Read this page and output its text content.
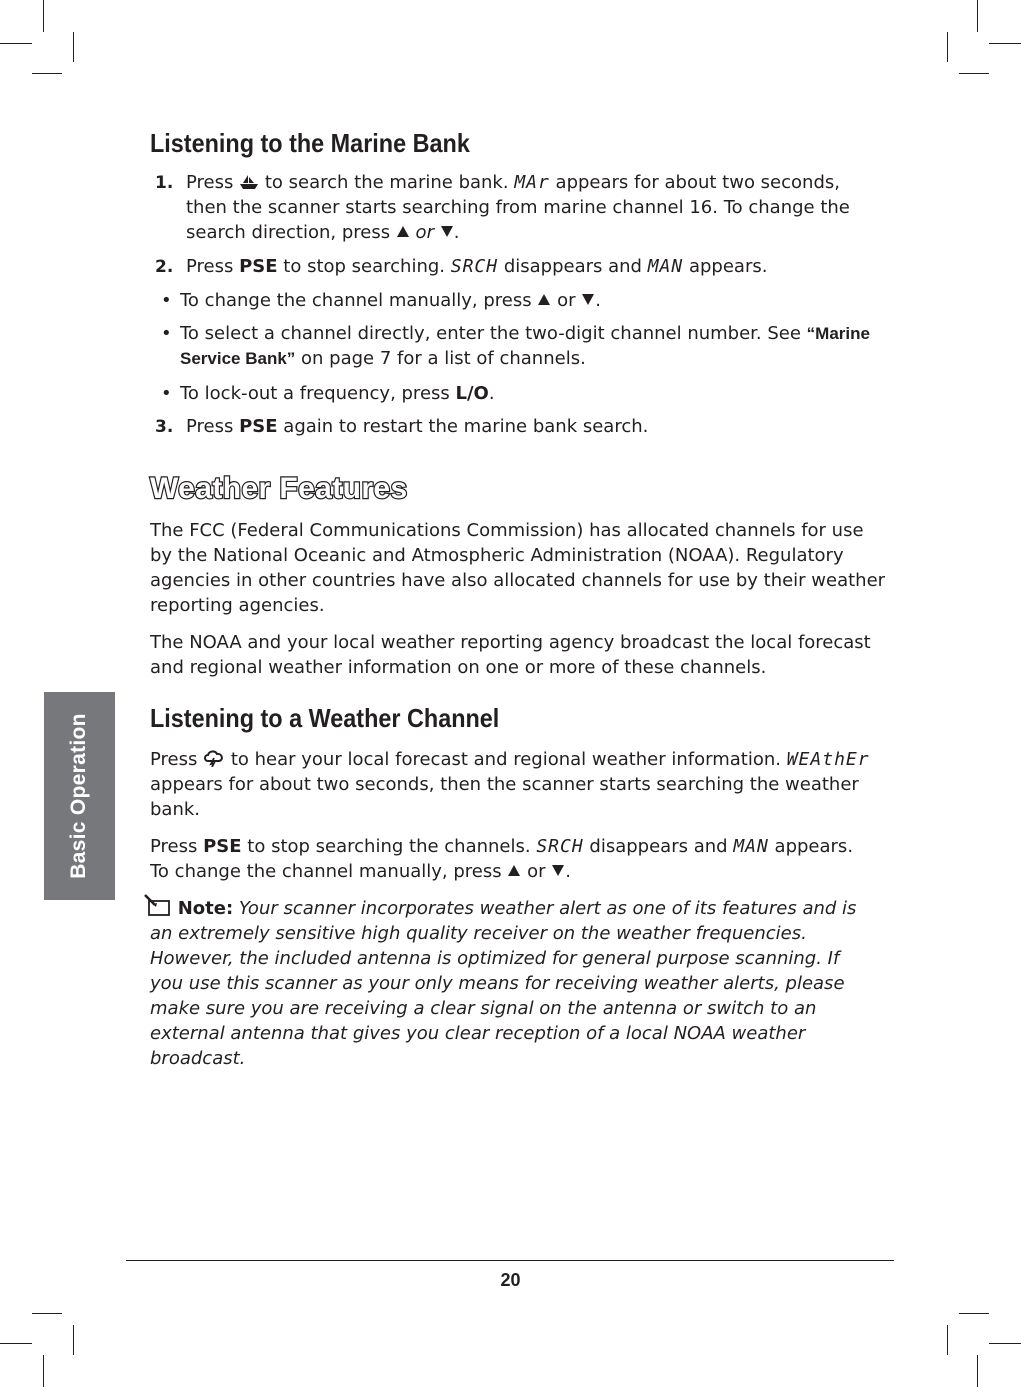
Basic Operation
Listening to the Marine Bank
1. Press  to search the marine bank. MAr appears for about two seconds,
then the scanner starts searching from marine channel 16. To change the
search direction, press  or .
2. Press PSE to stop searching. SRCH disappears and MAN appears.
• To change the channel manually, press  or .
• To select a channel directly, enter the two-digit channel number. See “Marine
Service Bank” on page 7 for a list of channels.
• To lock-out a frequency, press L/O.
3. Press PSE again to restart the marine bank search.
Weather Features

The FCC (Federal Communications Commission) has allocated channels for use by the National Oceanic and Atmospheric Administration (NOAA). Regulatory agencies in other countries have also allocated channels for use by their weather reporting agencies.

The NOAA and your local weather reporting agency broadcast the local forecast and regional weather information on one or more of these channels.

Listening to a Weather Channel

Press  to hear your local forecast and regional weather information. WEAthEr appears for about two seconds, then the scanner starts searching the weather bank.

Press PSE to stop searching the channels. SRCH disappears and MAN appears. To change the channel manually, press  or .

Note: Your scanner incorporates weather alert as one of its features and is an extremely sensitive high quality receiver on the weather frequencies. However, the included antenna is optimized for general purpose scanning. If you use this scanner as your only means for receiving weather alerts, please make sure you are receiving a clear signal on the antenna or switch to an external antenna that gives you clear reception of a local NOAA weather broadcast.
20
